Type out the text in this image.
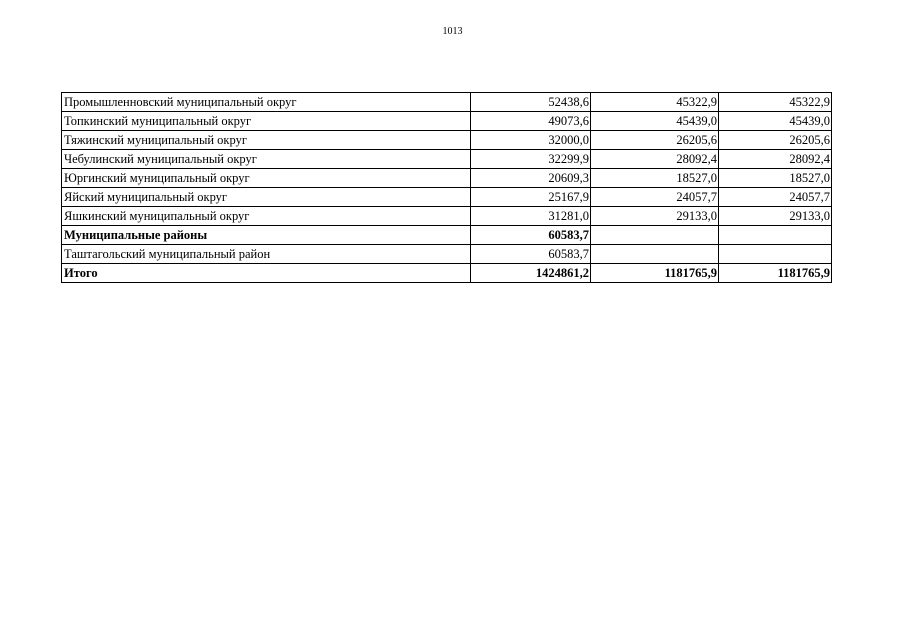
1013
Промышленновский муниципальный округ	52438,6	45322,9	45322,9
Топкинский муниципальный округ	49073,6	45439,0	45439,0
Тяжинский муниципальный округ	32000,0	26205,6	26205,6
Чебулинский муниципальный округ	32299,9	28092,4	28092,4
Юргинский муниципальный округ	20609,3	18527,0	18527,0
Яйский муниципальный округ	25167,9	24057,7	24057,7
Яшкинский муниципальный округ	31281,0	29133,0	29133,0
Муниципальные районы	60583,7		
Таштагольский муниципальный район	60583,7		
Итого	1424861,2	1181765,9	1181765,9
